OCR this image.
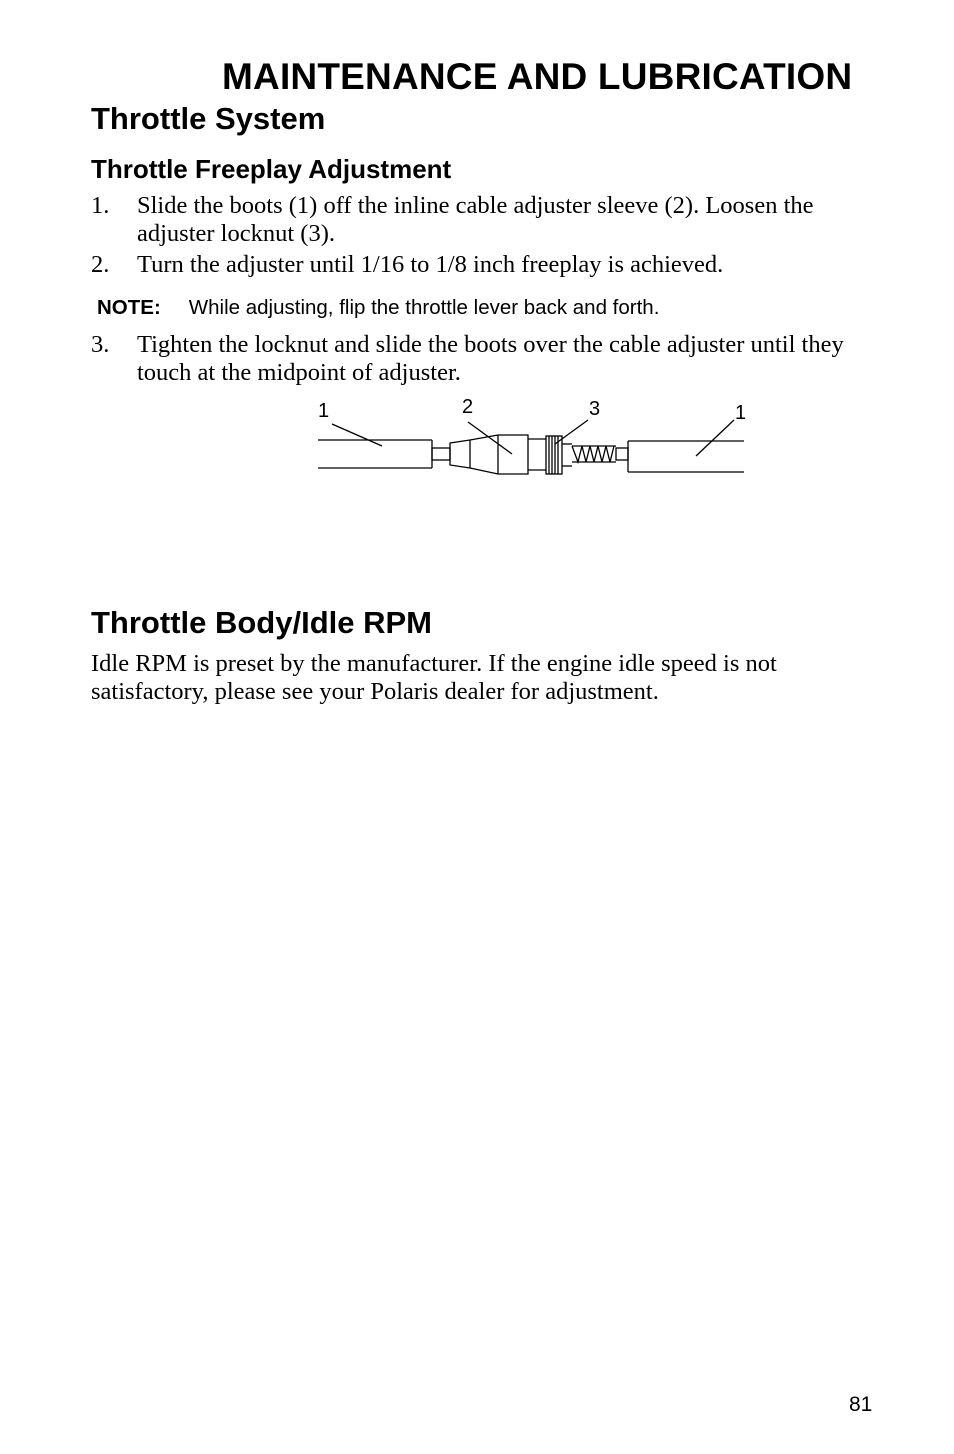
MAINTENANCE AND LUBRICATION
Throttle System
Throttle Freeplay Adjustment
1. Slide the boots (1) off the inline cable adjuster sleeve (2). Loosen the adjuster locknut (3).
2. Turn the adjuster until 1/16 to 1/8 inch freeplay is achieved.
NOTE: While adjusting, flip the throttle lever back and forth.
3. Tighten the locknut and slide the boots over the cable adjuster until they touch at the midpoint of adjuster.
1	2	3	1
Throttle Body/Idle RPM
Idle RPM is preset by the manufacturer. If the engine idle speed is not satisfactory, please see your Polaris dealer for adjustment.
81
